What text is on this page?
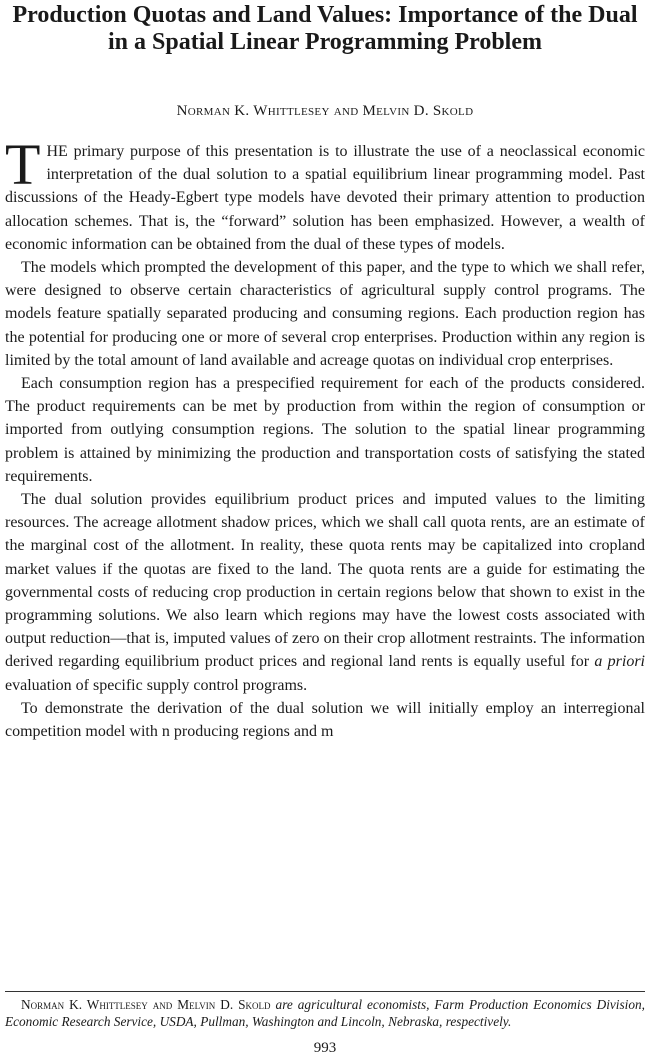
Production Quotas and Land Values: Importance of the Dual in a Spatial Linear Programming Problem
Norman K. Whittlesey and Melvin D. Skold

THE primary purpose of this presentation is to illustrate the use of a neoclassical economic interpretation of the dual solution to a spatial equilibrium linear programming model. Past discussions of the Heady-Egbert type models have devoted their primary attention to production allocation schemes. That is, the “forward” solution has been emphasized. However, a wealth of economic information can be obtained from the dual of these types of models.

The models which prompted the development of this paper, and the type to which we shall refer, were designed to observe certain characteristics of agricultural supply control programs. The models feature spatially separated producing and consuming regions. Each production region has the potential for producing one or more of several crop enterprises. Production within any region is limited by the total amount of land available and acreage quotas on individual crop enterprises.

Each consumption region has a prespecified requirement for each of the products considered. The product requirements can be met by production from within the region of consumption or imported from outlying consumption regions. The solution to the spatial linear programming problem is attained by minimizing the production and transportation costs of satisfying the stated requirements.

The dual solution provides equilibrium product prices and imputed values to the limiting resources. The acreage allotment shadow prices, which we shall call quota rents, are an estimate of the marginal cost of the allotment. In reality, these quota rents may be capitalized into cropland market values if the quotas are fixed to the land. The quota rents are a guide for estimating the governmental costs of reducing crop production in certain regions below that shown to exist in the programming solutions. We also learn which regions may have the lowest costs associated with output reduction—that is, imputed values of zero on their crop allotment restraints. The information derived regarding equilibrium product prices and regional land rents is equally useful for a priori evaluation of specific supply control programs.

To demonstrate the derivation of the dual solution we will initially employ an interregional competition model with n producing regions and m

Norman K. Whittlesey and Melvin D. Skold are agricultural economists, Farm Production Economics Division, Economic Research Service, USDA, Pullman, Washington and Lincoln, Nebraska, respectively.

993
